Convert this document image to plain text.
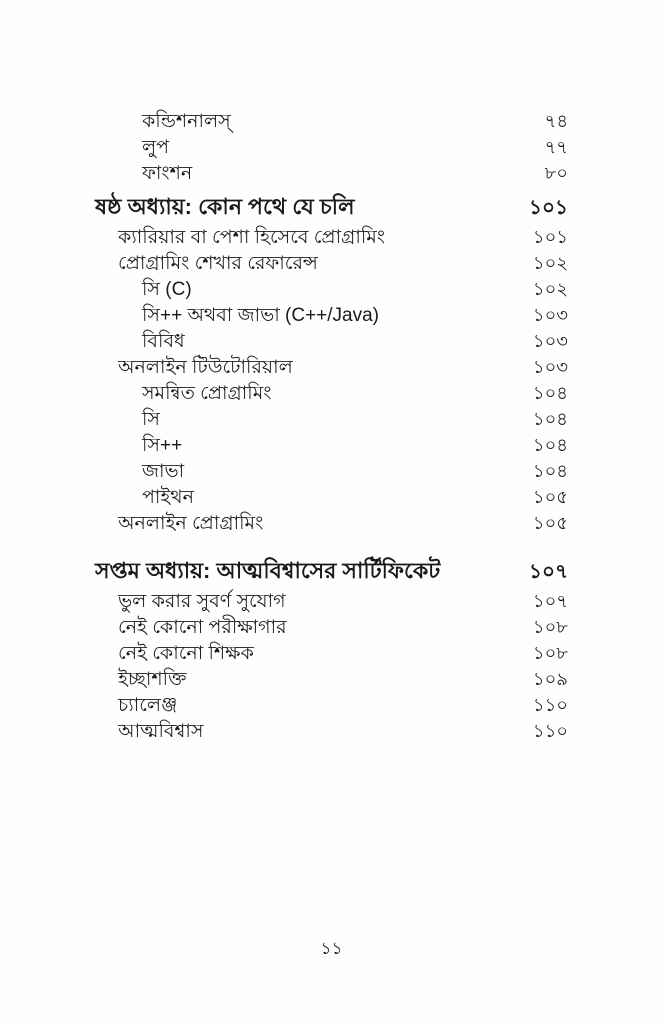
কন্ডিশনালস্	৭৪
লুপ	৭৭
ফাংশন	৮০
ষষ্ঠ অধ্যায়: কোন পথে যে চলি	১০১
ক্যারিয়ার বা পেশা হিসেবে প্রোগ্রামিং	১০১
প্রোগ্রামিং শেখার রেফারেন্স	১০২
সি (C)	১০২
সি++ অথবা জাভা (C++/Java)	১০৩
বিবিধ	১০৩
অনলাইন টিউটোরিয়াল	১০৩
সমন্বিত প্রোগ্রামিং	১০৪
সি	১০৪
সি++	১০৪
জাভা	১০৪
পাইথন	১০৫
অনলাইন প্রোগ্রামিং	১০৫
সপ্তম অধ্যায়: আত্মবিশ্বাসের সার্টিফিকেট	১০৭
ভুল করার সুবর্ণ সুযোগ	১০৭
নেই কোনো পরীক্ষাগার	১০৮
নেই কোনো শিক্ষক	১০৮
ইচ্ছাশক্তি	১০৯
চ্যালেঞ্জ	১১০
আত্মবিশ্বাস	১১০
১১
